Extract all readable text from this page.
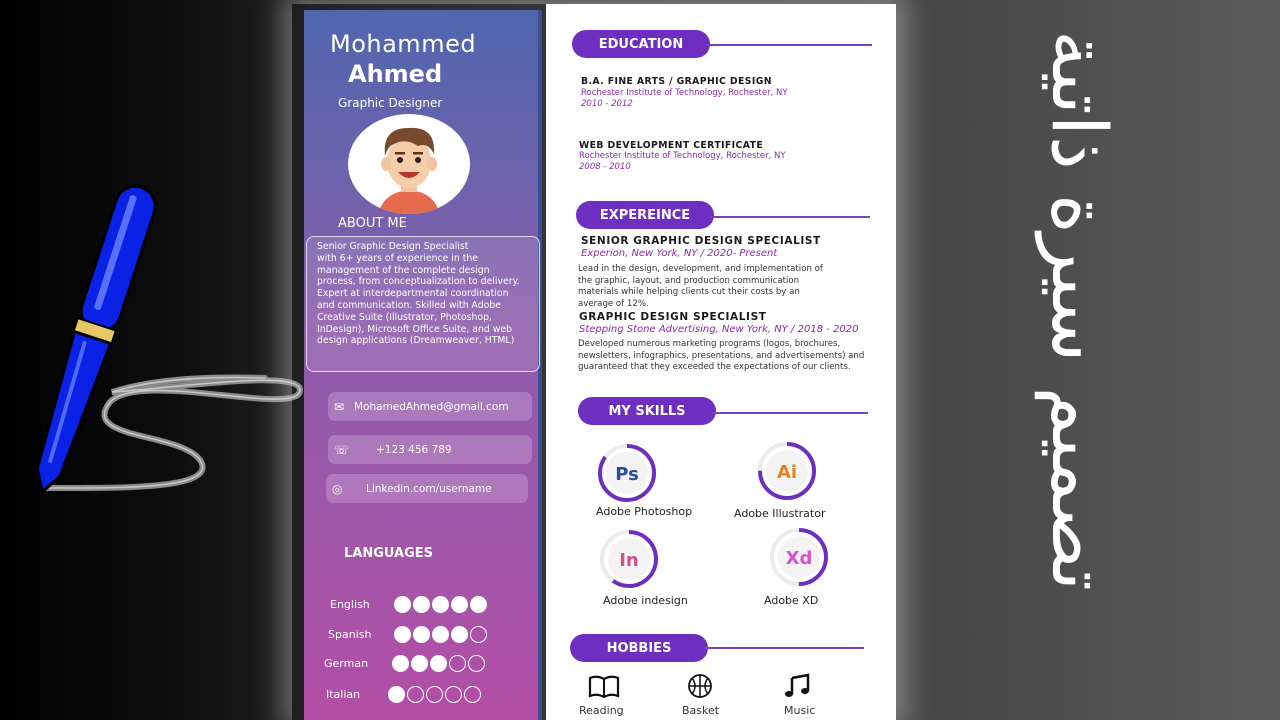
Mohammed
Ahmed
Graphic Designer
ABOUT ME
Senior Graphic Design Specialist
with 6+ years of experience in the
management of the complete design
process, from conceptualization to delivery.
Expert at interdepartmental coordination
and communication. Skilled with Adobe
Creative Suite (Illustrator, Photoshop,
InDesign), Microsoft Office Suite, and web
design applications (Dreamweaver, HTML)
✉ MohamedAhmed@gmail.com
☏	+123 456 789
◎	Linkedin.com/username
LANGUAGES
English
Spanish
German
Italian
EDUCATION
B.A. FINE ARTS / GRAPHIC DESIGN
Rochester Institute of Technology, Rochester, NY
2010 - 2012
WEB DEVELOPMENT CERTIFICATE
Rochester Institute of Technology, Rochester, NY
2008 - 2010
EXPEREINCE
SENIOR GRAPHIC DESIGN SPECIALIST
Experion, New York, NY / 2020- Present
Lead in the design, development, and implementation of
the graphic, layout, and production communication
materials while helping clients cut their costs by an
average of 12%.
GRAPHIC DESIGN SPECIALIST
Stepping Stone Advertising, New York, NY / 2018 - 2020
Developed numerous marketing programs (logos, brochures,
newsletters, infographics, presentations, and advertisements) and
guaranteed that they exceeded the expectations of our clients.
MY SKILLS
Ps
Adobe Photoshop
Ai
Adobe Illustrator
In
Adobe indesign
Xd
Adobe XD
HOBBIES
Reading	Basket	Music
تصميم سيرة ذاتية
